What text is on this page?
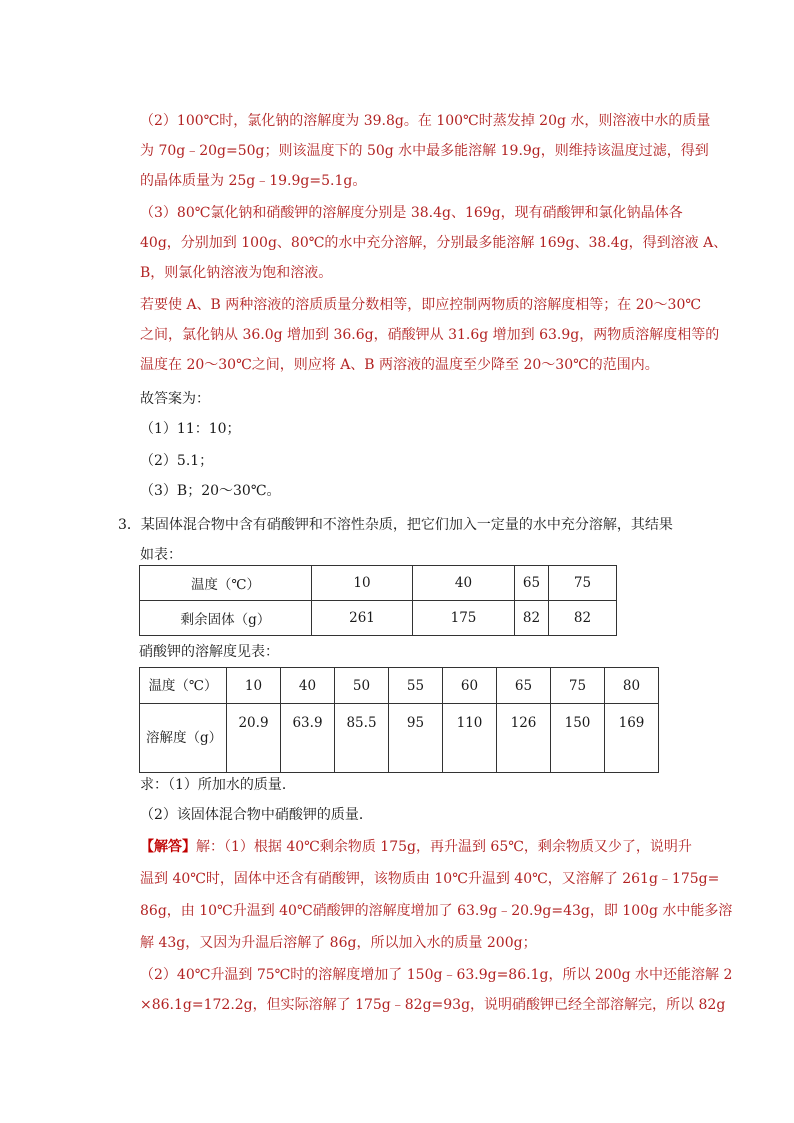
（2）100℃时，氯化钠的溶解度为 39.8g。在 100℃时蒸发掉 20g 水，则溶液中水的质量
为 70g﹣20g=50g；则该温度下的 50g 水中最多能溶解 19.9g，则维持该温度过滤，得到
的晶体质量为 25g﹣19.9g=5.1g。
（3）80℃氯化钠和硝酸钾的溶解度分别是 38.4g、169g，现有硝酸钾和氯化钠晶体各
40g，分别加到 100g、80℃的水中充分溶解，分别最多能溶解 169g、38.4g，得到溶液 A、
B，则氯化钠溶液为饱和溶液。
若要使 A、B 两种溶液的溶质质量分数相等，即应控制两物质的溶解度相等；在 20～30℃
之间，氯化钠从 36.0g 增加到 36.6g，硝酸钾从 31.6g 增加到 63.9g，两物质溶解度相等的
温度在 20～30℃之间，则应将 A、B 两溶液的温度至少降至 20～30℃的范围内。
故答案为：
（1）11：10；
（2）5.1；
（3）B；20～30℃。
3．某固体混合物中含有硝酸钾和不溶性杂质，把它们加入一定量的水中充分溶解，其结果
如表：
温度（℃）	10	40	65	75
剩余固体（g）	261	175	82	82
硝酸钾的溶解度见表：
温度（℃）	10	40	50	55	60	65	75	80
溶解度（g）	20.9	63.9	85.5	95	110	126	150	169
求：（1）所加水的质量．
（2）该固体混合物中硝酸钾的质量．
【解答】解：（1）根据 40℃剩余物质 175g，再升温到 65℃，剩余物质又少了，说明升
温到 40℃时，固体中还含有硝酸钾，该物质由 10℃升温到 40℃，又溶解了 261g﹣175g=
86g，由 10℃升温到 40℃硝酸钾的溶解度增加了 63.9g﹣20.9g=43g，即 100g 水中能多溶
解 43g，又因为升温后溶解了 86g，所以加入水的质量 200g；
（2）40℃升温到 75℃时的溶解度增加了 150g﹣63.9g=86.1g，所以 200g 水中还能溶解 2
×86.1g=172.2g，但实际溶解了 175g﹣82g=93g，说明硝酸钾已经全部溶解完，所以 82g
